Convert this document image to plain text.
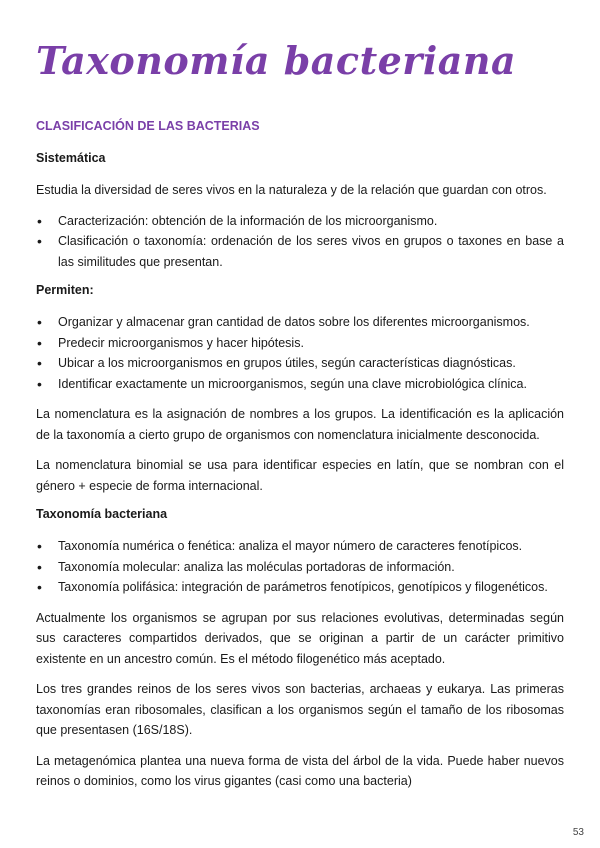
Taxonomía bacteriana
CLASIFICACIÓN DE LAS BACTERIAS
Sistemática

Estudia la diversidad de seres vivos en la naturaleza y de la relación que guardan con otros.

• Caracterización: obtención de la información de los microorganismo.
• Clasificación o taxonomía: ordenación de los seres vivos en grupos o taxones en base a las similitudes que presentan.
Permiten:
• Organizar y almacenar gran cantidad de datos sobre los diferentes microorganismos.
• Predecir microorganismos y hacer hipótesis.
• Ubicar a los microorganismos en grupos útiles, según características diagnósticas.
• Identificar exactamente un microorganismos, según una clave microbiológica clínica.

La nomenclatura es la asignación de nombres a los grupos. La identificación es la aplicación de la taxonomía a cierto grupo de organismos con nomenclatura inicialmente desconocida.

La nomenclatura binomial se usa para identificar especies en latín, que se nombran con el género + especie de forma internacional.

Taxonomía bacteriana
• Taxonomía numérica o fenética: analiza el mayor número de caracteres fenotípicos.
• Taxonomía molecular: analiza las moléculas portadoras de información.
• Taxonomía polifásica: integración de parámetros fenotípicos, genotípicos y filogenéticos.

Actualmente los organismos se agrupan por sus relaciones evolutivas, determinadas según sus caracteres compartidos derivados, que se originan a partir de un carácter primitivo existente en un ancestro común. Es el método filogenético más aceptado.

Los tres grandes reinos de los seres vivos son bacterias, archaeas y eukarya. Las primeras taxonomías eran ribosomales, clasifican a los organismos según el tamaño de los ribosomas que presentasen (16S/18S).

La metagenómica plantea una nueva forma de vista del árbol de la vida. Puede haber nuevos reinos o dominios, como los virus gigantes (casi como una bacteria)

53
